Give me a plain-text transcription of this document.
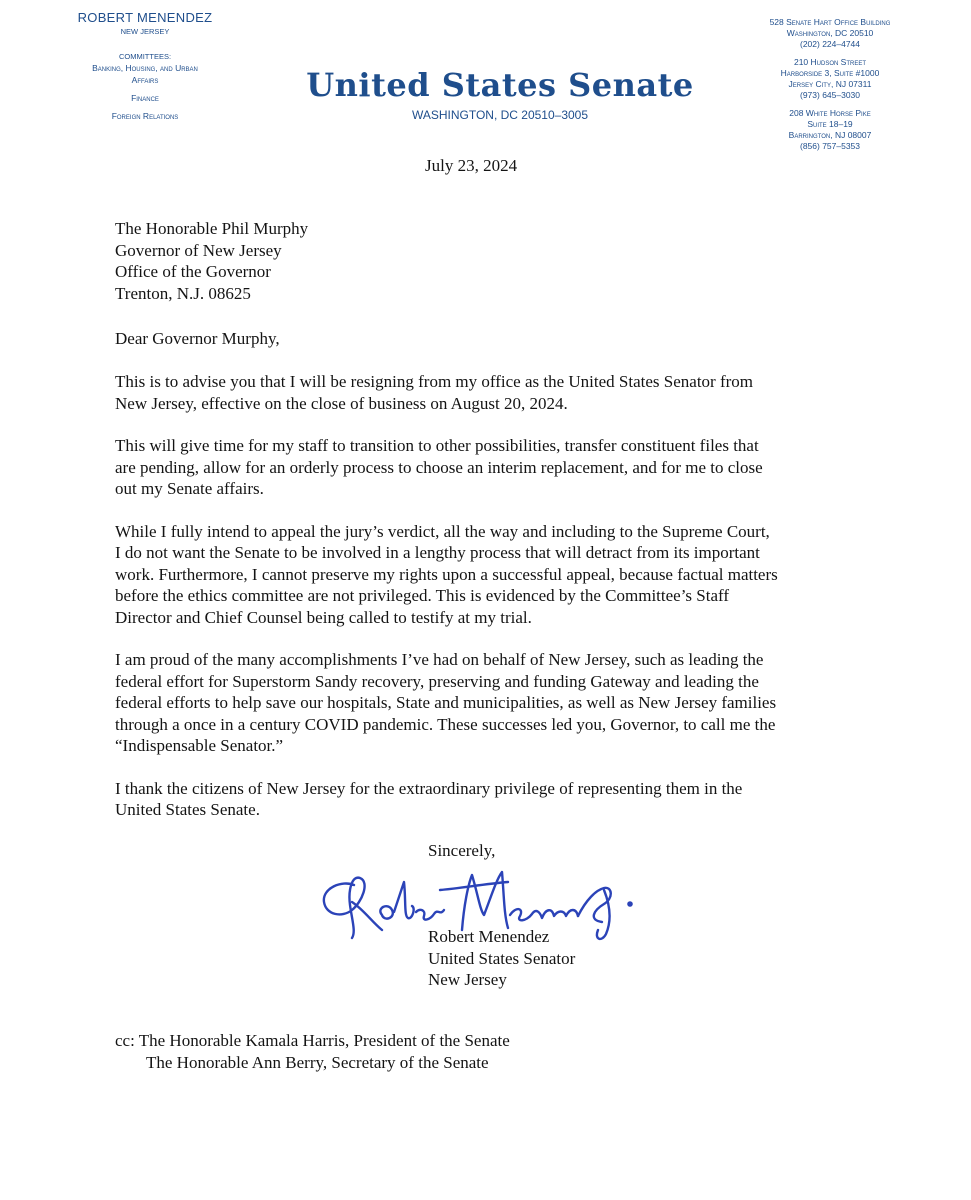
ROBERT MENENDEZ
NEW JERSEY
COMMITTEES:
Banking, Housing, and Urban
Affairs
Finance
Foreign Relations
United States Senate
WASHINGTON, DC 20510–3005
528 Senate Hart Office Building
Washington, DC 20510
(202) 224–4744
210 Hudson Street
Harborside 3, Suite #1000
Jersey City, NJ 07311
(973) 645–3030
208 White Horse Pike
Suite 18–19
Barrington, NJ 08007
(856) 757–5353
July 23, 2024
The Honorable Phil Murphy
Governor of New Jersey
Office of the Governor
Trenton, N.J. 08625
Dear Governor Murphy,
This is to advise you that I will be resigning from my office as the United States Senator from
New Jersey, effective on the close of business on August 20, 2024.
This will give time for my staff to transition to other possibilities, transfer constituent files that
are pending, allow for an orderly process to choose an interim replacement, and for me to close
out my Senate affairs.
While I fully intend to appeal the jury’s verdict, all the way and including to the Supreme Court,
I do not want the Senate to be involved in a lengthy process that will detract from its important
work. Furthermore, I cannot preserve my rights upon a successful appeal, because factual matters
before the ethics committee are not privileged. This is evidenced by the Committee’s Staff
Director and Chief Counsel being called to testify at my trial.
I am proud of the many accomplishments I’ve had on behalf of New Jersey, such as leading the
federal effort for Superstorm Sandy recovery, preserving and funding Gateway and leading the
federal efforts to help save our hospitals, State and municipalities, as well as New Jersey families
through a once in a century COVID pandemic. These successes led you, Governor, to call me the
“Indispensable Senator.”
I thank the citizens of New Jersey for the extraordinary privilege of representing them in the
United States Senate.
Sincerely,
Robert Menendez
United States Senator
New Jersey
cc: The Honorable Kamala Harris, President of the Senate
The Honorable Ann Berry, Secretary of the Senate
